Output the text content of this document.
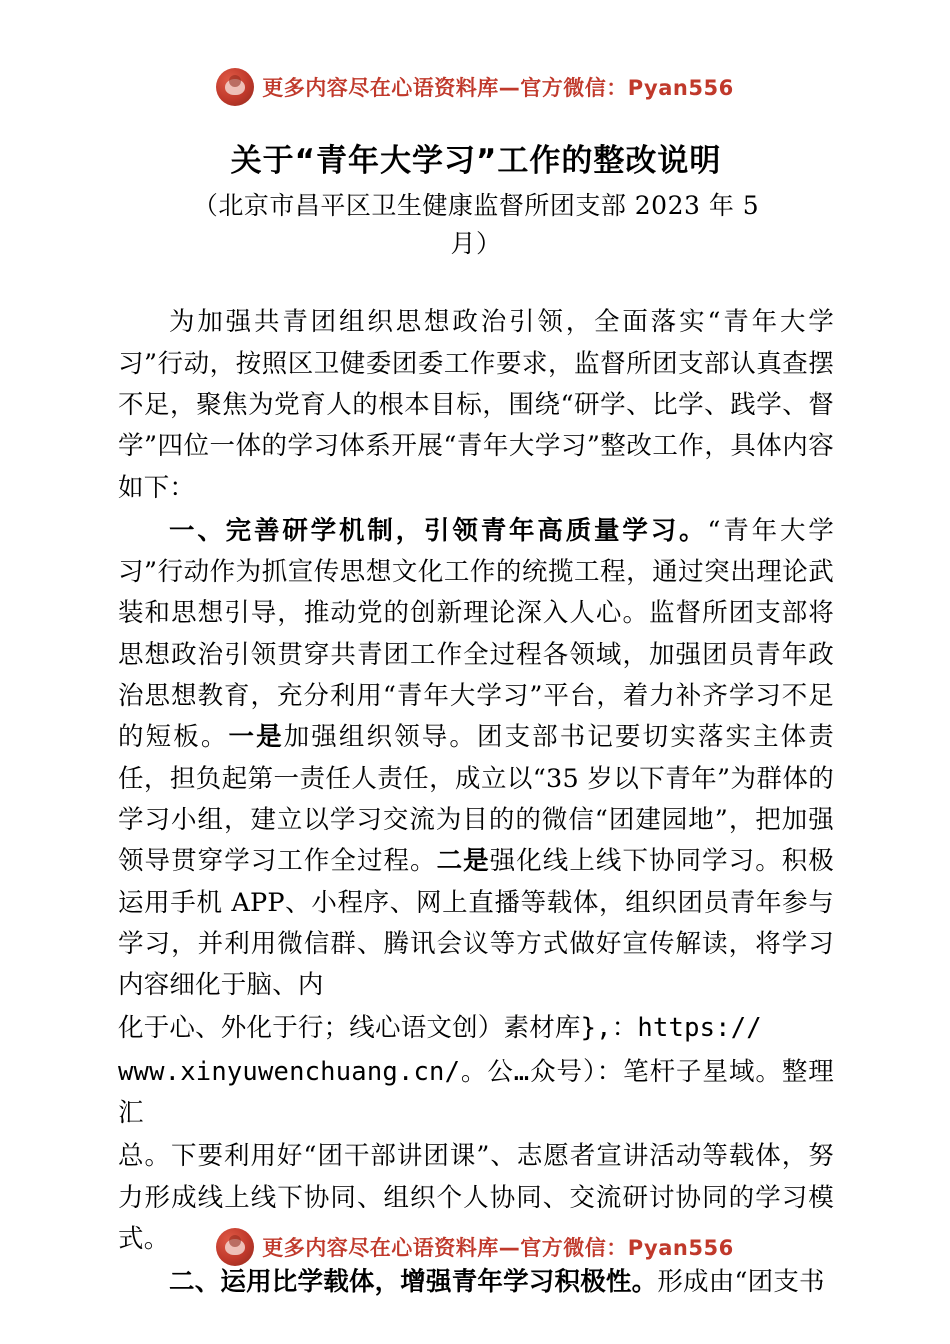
更多内容尽在心语资料库—官方微信：Pyan556
关于“青年大学习”工作的整改说明
（北京市昌平区卫生健康监督所团支部 2023 年 5 月）

为加强共青团组织思想政治引领，全面落实“青年大学习”行动，按照区卫健委团委工作要求，监督所团支部认真查摆不足，聚焦为党育人的根本目标，围绕“研学、比学、践学、督学”四位一体的学习体系开展“青年大学习”整改工作，具体内容如下：

一、完善研学机制，引领青年高质量学习。“青年大学习”行动作为抓宣传思想文化工作的统揽工程，通过突出理论武装和思想引导，推动党的创新理论深入人心。监督所团支部将思想政治引领贯穿共青团工作全过程各领域，加强团员青年政治思想教育，充分利用“青年大学习”平台，着力补齐学习不足的短板。一是加强组织领导。团支部书记要切实落实主体责任，担负起第一责任人责任，成立以“35 岁以下青年”为群体的学习小组，建立以学习交流为目的的微信“团建园地”，把加强领导贯穿学习工作全过程。二是强化线上线下协同学习。积极运用手机 APP、小程序、网上直播等载体，组织团员青年参与学习，并利用微信群、腾讯会议等方式做好宣传解读，将学习内容细化于脑、内

化于心、外化于行；线心语文创）素材库},：https://

www.xinyuwenchuang.cn/。公…众号）：笔杆子星域。整理汇

总。下要利用好“团干部讲团课”、志愿者宣讲活动等载体，努力形成线上线下协同、组织个人协同、交流研讨协同的学习模式。

二、运用比学载体，增强青年学习积极性。形成由“团支书

更多内容尽在心语资料库—官方微信：Pyan556
